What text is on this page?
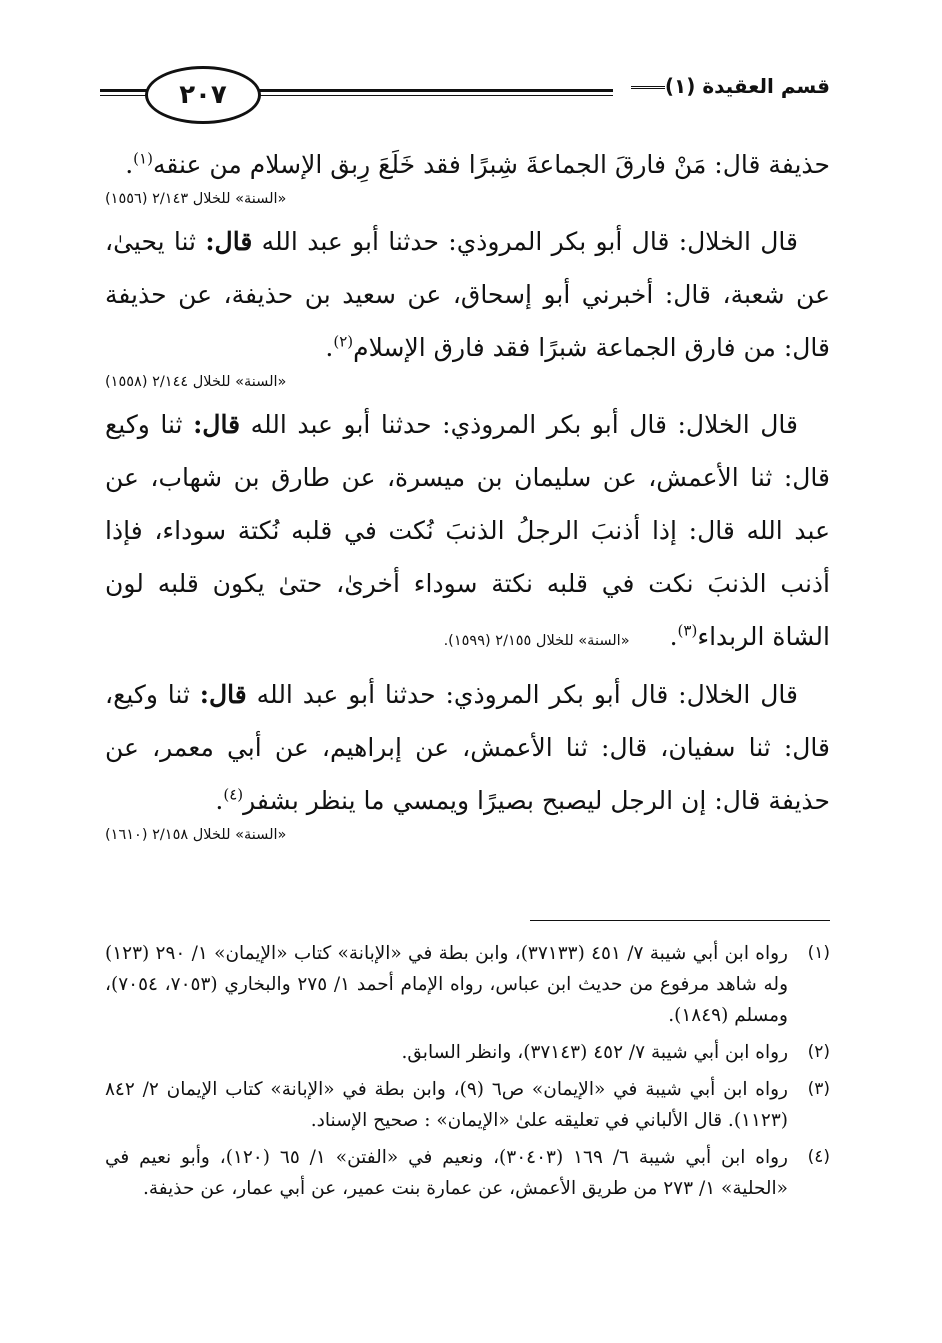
٢٠٧	قسم العقيدة (١)

حذيفة قال: مَنْ فارقَ الجماعةَ شِبرًا فقد خَلَعَ رِبق الإسلام من عنقه$^{(١)}$.

«السنة» للخلال ٢/١٤٣ (١٥٥٦)

قال الخلال: قال أبو بكر المروذي: حدثنا أبو عبد الله قال: ثنا يحيىٰ، عن شعبة، قال: أخبرني أبو إسحاق، عن سعيد بن حذيفة، عن حذيفة قال: من فارق الجماعة شبرًا فقد فارق الإسلام$^{(٢)}$.

«السنة» للخلال ٢/١٤٤ (١٥٥٨)

قال الخلال: قال أبو بكر المروذي: حدثنا أبو عبد الله قال: ثنا وكيع قال: ثنا الأعمش، عن سليمان بن ميسرة، عن طارق بن شهاب، عن عبد الله قال: إذا أذنبَ الرجلُ الذنبَ نُكت في قلبه نُكتة سوداء، فإذا أذنب الذنبَ نكت في قلبه نكتة سوداء أخرىٰ، حتىٰ يكون قلبه لون الشاة الربداء$^{(٣)}$.«السنة» للخلال ٢/١٥٥ (١٥٩٩).

قال الخلال: قال أبو بكر المروذي: حدثنا أبو عبد الله قال: ثنا وكيع، قال: ثنا سفيان، قال: ثنا الأعمش، عن إبراهيم، عن أبي معمر، عن حذيفة قال: إن الرجل ليصبح بصيرًا ويمسي ما ينظر بشفر$^{(٤)}$.

«السنة» للخلال ٢/١٥٨ (١٦١٠)

(١)
رواه ابن أبي شيبة ٧/ ٤٥١ (٣٧١٣٣)، وابن بطة في «الإبانة» كتاب «الإيمان» ١/ ٢٩٠ (١٢٣) وله شاهد مرفوع من حديث ابن عباس، رواه الإمام أحمد ١/ ٢٧٥ والبخاري (٧٠٥٣، ٧٠٥٤)، ومسلم (١٨٤٩).
(٢)
رواه ابن أبي شيبة ٧/ ٤٥٢ (٣٧١٤٣)، وانظر السابق.
(٣)
رواه ابن أبي شيبة في «الإيمان» ص٦ (٩)، وابن بطة في «الإبانة» كتاب الإيمان ٢/ ٨٤٢ (١١٢٣). قال الألباني في تعليقه علىٰ «الإيمان» : صحيح الإسناد.
(٤)
رواه ابن أبي شيبة ٦/ ١٦٩ (٣٠٤٠٣)، ونعيم في «الفتن» ١/ ٦٥ (١٢٠)، وأبو نعيم في «الحلية» ١/ ٢٧٣ من طريق الأعمش، عن عمارة بنت عمير، عن أبي عمار، عن حذيفة.
